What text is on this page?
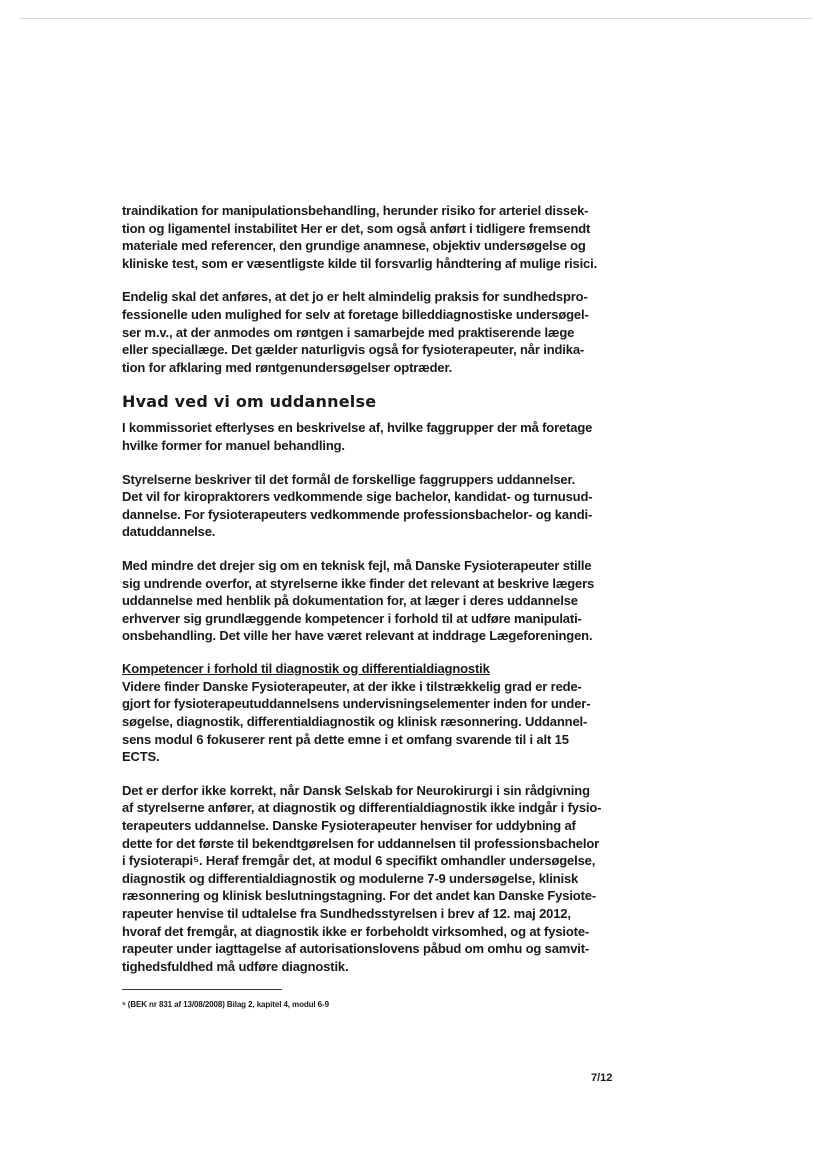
traindikation for manipulationsbehandling, herunder risiko for arteriel dissek-
tion og ligamentel instabilitet Her er det, som også anført i tidligere fremsendt
materiale med referencer, den grundige anamnese, objektiv undersøgelse og
kliniske test, som er væsentligste kilde til forsvarlig håndtering af mulige risici.

Endelig skal det anføres, at det jo er helt almindelig praksis for sundhedspro-
fessionelle uden mulighed for selv at foretage billeddiagnostiske undersøgel-
ser m.v., at der anmodes om røntgen i samarbejde med praktiserende læge
eller speciallæge. Det gælder naturligvis også for fysioterapeuter, når indika-
tion for afklaring med røntgenundersøgelser optræder.

Hvad ved vi om uddannelse

I kommissoriet efterlyses en beskrivelse af, hvilke faggrupper der må foretage
hvilke former for manuel behandling.

Styrelserne beskriver til det formål de forskellige faggruppers uddannelser.
Det vil for kiropraktorers vedkommende sige bachelor, kandidat- og turnusud-
dannelse. For fysioterapeuters vedkommende professionsbachelor- og kandi-
datuddannelse.

Med mindre det drejer sig om en teknisk fejl, må Danske Fysioterapeuter stille
sig undrende overfor, at styrelserne ikke finder det relevant at beskrive lægers
uddannelse med henblik på dokumentation for, at læger i deres uddannelse
erhverver sig grundlæggende kompetencer i forhold til at udføre manipulati-
onsbehandling. Det ville her have været relevant at inddrage Lægeforeningen.

Kompetencer i forhold til diagnostik og differentialdiagnostik

Videre finder Danske Fysioterapeuter, at der ikke i tilstrækkelig grad er rede-
gjort for fysioterapeutuddannelsens undervisningselementer inden for under-
søgelse, diagnostik, differentialdiagnostik og klinisk ræsonnering. Uddannel-
sens modul 6 fokuserer rent på dette emne i et omfang svarende til i alt 15
ECTS.

Det er derfor ikke korrekt, når Dansk Selskab for Neurokirurgi i sin rådgivning
af styrelserne anfører, at diagnostik og differentialdiagnostik ikke indgår i fysio-
terapeuters uddannelse. Danske Fysioterapeuter henviser for uddybning af
dette for det første til bekendtgørelsen for uddannelsen til professionsbachelor
i fysioterapi⁵. Heraf fremgår det, at modul 6 specifikt omhandler undersøgelse,
diagnostik og differentialdiagnostik og modulerne 7-9 undersøgelse, klinisk
ræsonnering og klinisk beslutningstagning. For det andet kan Danske Fysiote-
rapeuter henvise til udtalelse fra Sundhedsstyrelsen i brev af 12. maj 2012,
hvoraf det fremgår, at diagnostik ikke er forbeholdt virksomhed, og at fysiote-
rapeuter under iagttagelse af autorisationslovens påbud om omhu og samvit-
tighedsfuldhed må udføre diagnostik.

⁵ (BEK nr 831 af 13/08/2008) Bilag 2, kapitel 4, modul 6-9
7/12
